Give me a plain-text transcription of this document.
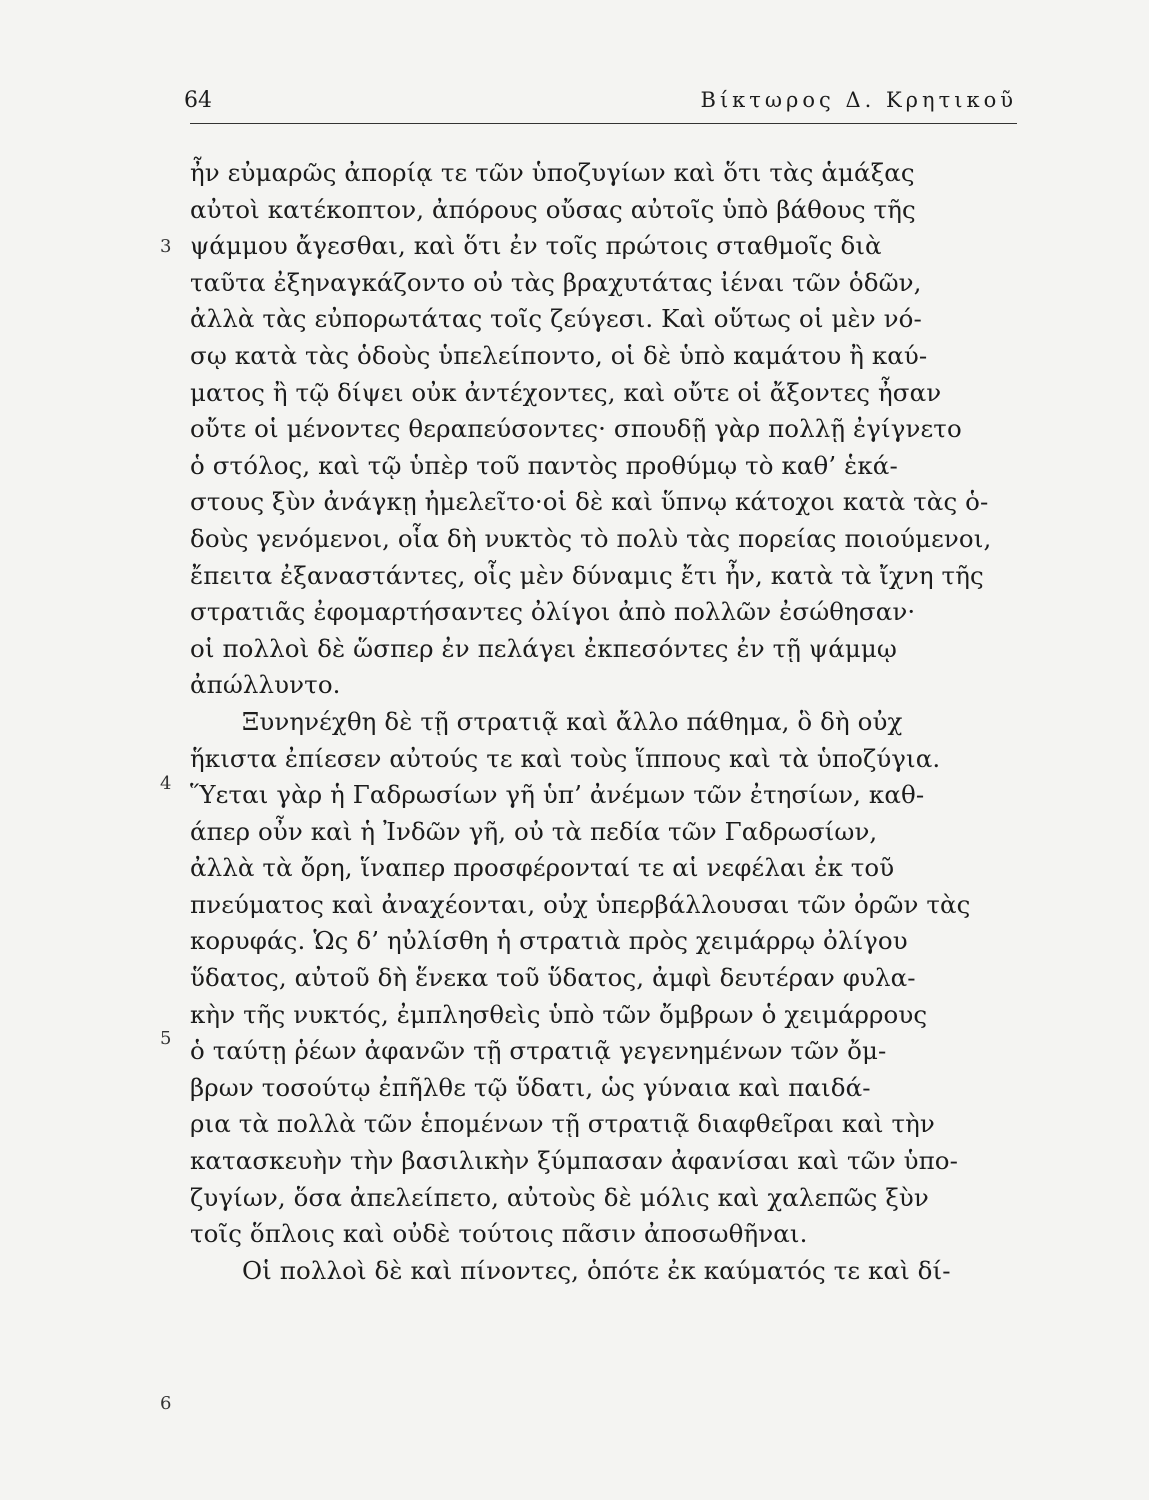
64	Βίκτωρος Δ. Κρητικοῦ
3
4
5
6
ἦν εὐμαρῶς ἀπορίᾳ τε τῶν ὑποζυγίων καὶ ὅτι τὰς ἁμάξας
αὐτοὶ κατέκοπτον, ἀπόρους οὔσας αὐτοῖς ὑπὸ βάθους τῆς
ψάμμου ἄγεσθαι, καὶ ὅτι ἐν τοῖς πρώτοις σταθμοῖς διὰ
ταῦτα ἐξηναγκάζοντο οὐ τὰς βραχυτάτας ἰέναι τῶν ὁδῶν,
ἀλλὰ τὰς εὐπορωτάτας τοῖς ζεύγεσι. Καὶ οὕτως οἱ μὲν νό-
σῳ κατὰ τὰς ὁδοὺς ὑπελείποντο, οἱ δὲ ὑπὸ καμάτου ἢ καύ-
ματος ἢ τῷ δίψει οὐκ ἀντέχοντες, καὶ οὔτε οἱ ἄξοντες ἦσαν
οὔτε οἱ μένοντες θεραπεύσοντες· σπουδῇ γὰρ πολλῇ ἐγίγνετο
ὁ στόλος, καὶ τῷ ὑπὲρ τοῦ παντὸς προθύμῳ τὸ καθ’ ἑκά-
στους ξὺν ἀνάγκῃ ἠμελεῖτο·οἱ δὲ καὶ ὕπνῳ κάτοχοι κατὰ τὰς ὁ-
δοὺς γενόμενοι, οἷα δὴ νυκτὸς τὸ πολὺ τὰς πορείας ποιούμενοι,
ἔπειτα ἐξαναστάντες, οἷς μὲν δύναμις ἔτι ἦν, κατὰ τὰ ἴχνη τῆς
στρατιᾶς ἐφομαρτήσαντες ὀλίγοι ἀπὸ πολλῶν ἐσώθησαν·
οἱ πολλοὶ δὲ ὥσπερ ἐν πελάγει ἐκπεσόντες ἐν τῇ ψάμμῳ
ἀπώλλυντο.
Ξυνηνέχθη δὲ τῇ στρατιᾷ καὶ ἄλλο πάθημα, ὃ δὴ οὐχ
ἥκιστα ἐπίεσεν αὐτούς τε καὶ τοὺς ἵππους καὶ τὰ ὑποζύγια.
Ὕεται γὰρ ἡ Γαδρωσίων γῆ ὑπ’ ἀνέμων τῶν ἐτησίων, καθ-
άπερ οὖν καὶ ἡ Ἰνδῶν γῆ, οὐ τὰ πεδία τῶν Γαδρωσίων,
ἀλλὰ τὰ ὄρη, ἵναπερ προσφέρονταί τε αἱ νεφέλαι ἐκ τοῦ
πνεύματος καὶ ἀναχέονται, οὐχ ὑπερβάλλουσαι τῶν ὀρῶν τὰς
κορυφάς. Ὡς δ’ ηὐλίσθη ἡ στρατιὰ πρὸς χειμάρρῳ ὀλίγου
ὕδατος, αὐτοῦ δὴ ἕνεκα τοῦ ὕδατος, ἀμφὶ δευτέραν φυλα-
κὴν τῆς νυκτός, ἐμπλησθεὶς ὑπὸ τῶν ὄμβρων ὁ χειμάρρους
ὁ ταύτῃ ῥέων ἀφανῶν τῇ στρατιᾷ γεγενημένων τῶν ὄμ-
βρων τοσούτῳ ἐπῆλθε τῷ ὕδατι, ὡς γύναια καὶ παιδά-
ρια τὰ πολλὰ τῶν ἑπομένων τῇ στρατιᾷ διαφθεῖραι καὶ τὴν
κατασκευὴν τὴν βασιλικὴν ξύμπασαν ἀφανίσαι καὶ τῶν ὑπο-
ζυγίων, ὅσα ἀπελείπετο, αὐτοὺς δὲ μόλις καὶ χαλεπῶς ξὺν
τοῖς ὅπλοις καὶ οὐδὲ τούτοις πᾶσιν ἀποσωθῆναι.
Οἱ πολλοὶ δὲ καὶ πίνοντες, ὁπότε ἐκ καύματός τε καὶ δί-
